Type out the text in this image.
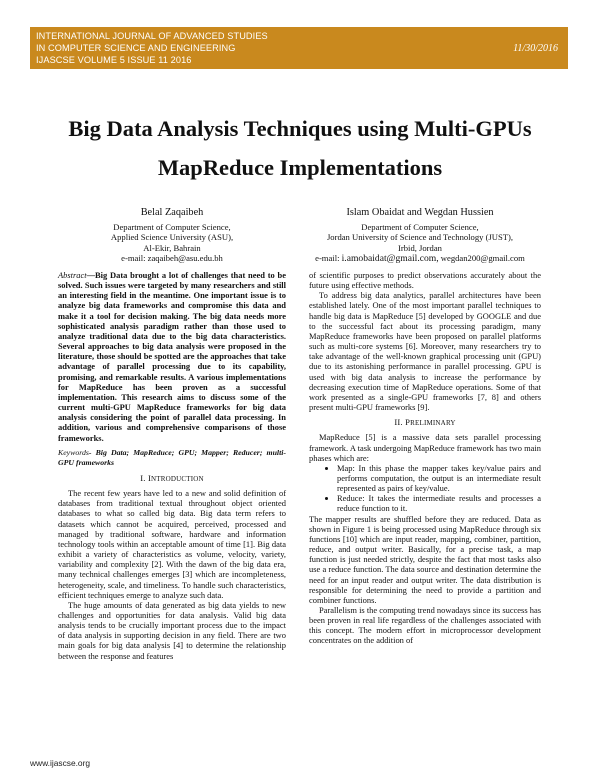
INTERNATIONAL JOURNAL OF ADVANCED STUDIES
IN COMPUTER SCIENCE AND ENGINEERING
IJASCSE VOLUME 5 ISSUE 11 2016
11/30/2016
Big Data Analysis Techniques using Multi-GPUs
MapReduce Implementations
Belal Zaqaibeh
Department of Computer Science,
Applied Science University (ASU),
Al-Ekir, Bahrain
e-mail: zaqaibeh@asu.edu.bh
Islam Obaidat and Wegdan Hussien
Department of Computer Science,
Jordan University of Science and Technology (JUST),
Irbid, Jordan
e-mail: i.amobaidat@gmail.com, wegdan200@gmail.com

Abstract—Big Data brought a lot of challenges that need to be solved. Such issues were targeted by many researchers and still an interesting field in the meantime. One important issue is to analyze big data frameworks and compromise this data and make it a tool for decision making. The big data needs more sophisticated analysis paradigm rather than those used to analyze traditional data due to the big data characteristics. Several approaches to big data analysis were proposed in the literature, those should be spotted are the approaches that take advantage of parallel processing due to its capability, promising, and remarkable results. A various implementations for MapReduce has been proven as a successful implementation. This research aims to discuss some of the current multi-GPU MapReduce frameworks for big data analysis considering the point of parallel data processing. In addition, various and comprehensive comparisons of those frameworks.

Keywords- Big Data; MapReduce; GPU; Mapper; Reducer; multi-GPU frameworks

I. INTRODUCTION

The recent few years have led to a new and solid definition of databases from traditional textual throughout object oriented databases to what so called big data. Big data term refers to datasets which cannot be acquired, perceived, processed and managed by traditional software, hardware and information technology tools within an acceptable amount of time [1]. Big data exhibit a variety of characteristics as volume, velocity, variety, variability and complexity [2]. With the dawn of the big data era, many technical challenges emerges [3] which are incompleteness, heterogeneity, scale, and timeliness. To handle such characteristics, efficient techniques emerge to analyze such data.

The huge amounts of data generated as big data yields to new challenges and opportunities for data analysis. Valid big data analysis tends to be crucially important process due to the impact of data analysis in supporting decision in any field. There are two main goals for big data analysis [4] to determine the relationship between the response and features

of scientific purposes to predict observations accurately about the future using effective methods.

To address big data analytics, parallel architectures have been established lately. One of the most important parallel techniques to handle big data is MapReduce [5] developed by GOOGLE and due to the successful fact about its processing paradigm, many MapReduce frameworks have been proposed on parallel platforms such as multi-core systems [6]. Moreover, many researchers try to take advantage of the well-known graphical processing unit (GPU) due to its astonishing performance in parallel processing. GPU is used with big data analysis to increase the performance by decreasing execution time of MapReduce operations. Some of that work presented as a single-GPU frameworks [7, 8] and others present multi-GPU frameworks [9].

II. PRELIMINARY

MapReduce [5] is a massive data sets parallel processing framework. A task undergoing MapReduce framework has two main phases which are:

• Map: In this phase the mapper takes key/value pairs and performs computation, the output is an intermediate result represented as pairs of key/value.
• Reduce: It takes the intermediate results and processes a reduce function to it.

The mapper results are shuffled before they are reduced. Data as shown in Figure 1 is being processed using MapReduce through six functions [10] which are input reader, mapping, combiner, partition, reduce, and output writer. Basically, for a precise task, a map function is just needed strictly, despite the fact that most tasks also use a reduce function. The data source and destination determine the need for an input reader and output writer. The data distribution is responsible for determining the need to provide a partition and combiner functions.

Parallelism is the computing trend nowadays since its success has been proven in real life regardless of the challenges associated with this concept. The modern effort in microprocessor development concentrates on the addition of

www.ijascse.org
